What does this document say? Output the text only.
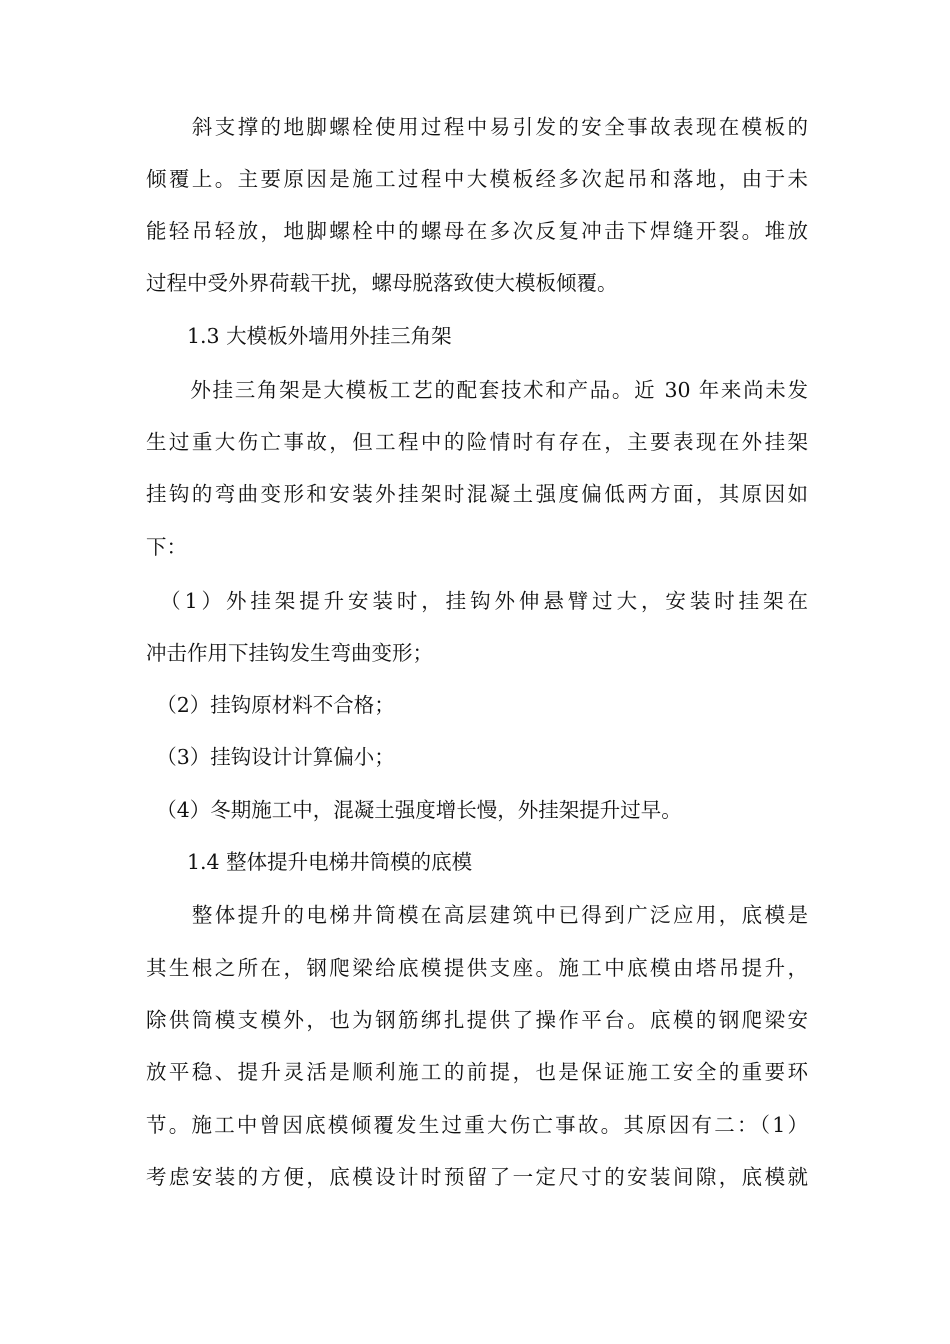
　　斜支撑的地脚螺栓使用过程中易引发的安全事故表现在模板的
倾覆上。主要原因是施工过程中大模板经多次起吊和落地，由于未
能轻吊轻放，地脚螺栓中的螺母在多次反复冲击下焊缝开裂。堆放
过程中受外界荷载干扰，螺母脱落致使大模板倾覆。
　　1.3 大模板外墙用外挂三角架
　　外挂三角架是大模板工艺的配套技术和产品。近 30 年来尚未发
生过重大伤亡事故，但工程中的险情时有存在，主要表现在外挂架
挂钩的弯曲变形和安装外挂架时混凝土强度偏低两方面，其原因如
下：
　（1）外挂架提升安装时，挂钩外伸悬臂过大，安装时挂架在
冲击作用下挂钩发生弯曲变形；
　（2）挂钩原材料不合格；
　（3）挂钩设计计算偏小；
　（4）冬期施工中，混凝土强度增长慢，外挂架提升过早。
　　1.4 整体提升电梯井筒模的底模
　　整体提升的电梯井筒模在高层建筑中已得到广泛应用，底模是
其生根之所在，钢爬梁给底模提供支座。施工中底模由塔吊提升，
除供筒模支模外，也为钢筋绑扎提供了操作平台。底模的钢爬梁安
放平稳、提升灵活是顺利施工的前提，也是保证施工安全的重要环
节。施工中曾因底模倾覆发生过重大伤亡事故。其原因有二：（1）
考虑安装的方便，底模设计时预留了一定尺寸的安装间隙，底模就
